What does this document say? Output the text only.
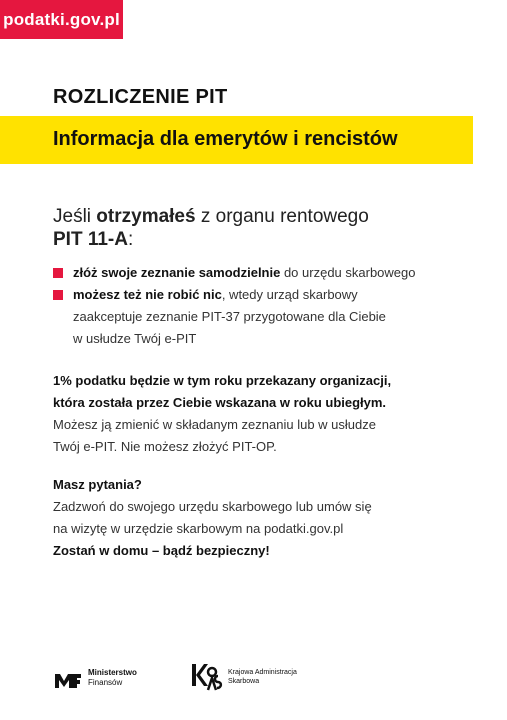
podatki.gov.pl
ROZLICZENIE PIT
Informacja dla emerytów i rencistów
Jeśli otrzymałeś z organu rentowego
PIT 11-A:
złóż swoje zeznanie samodzielnie do urzędu skarbowego
możesz też nie robić nic, wtedy urząd skarbowy
zaakceptuje zeznanie PIT-37 przygotowane dla Ciebie
w usłudze Twój e-PIT
1% podatku będzie w tym roku przekazany organizacji,
która została przez Ciebie wskazana w roku ubiegłym.
Możesz ją zmienić w składanym zeznaniu lub w usłudze
Twój e-PIT. Nie możesz złożyć PIT-OP.
Masz pytania?
Zadzwoń do swojego urzędu skarbowego lub umów się
na wizytę w urzędzie skarbowym na podatki.gov.pl
Zostań w domu – bądź bezpieczny!
Ministerstwo
Finansów
Krajowa Administracja
Skarbowa
